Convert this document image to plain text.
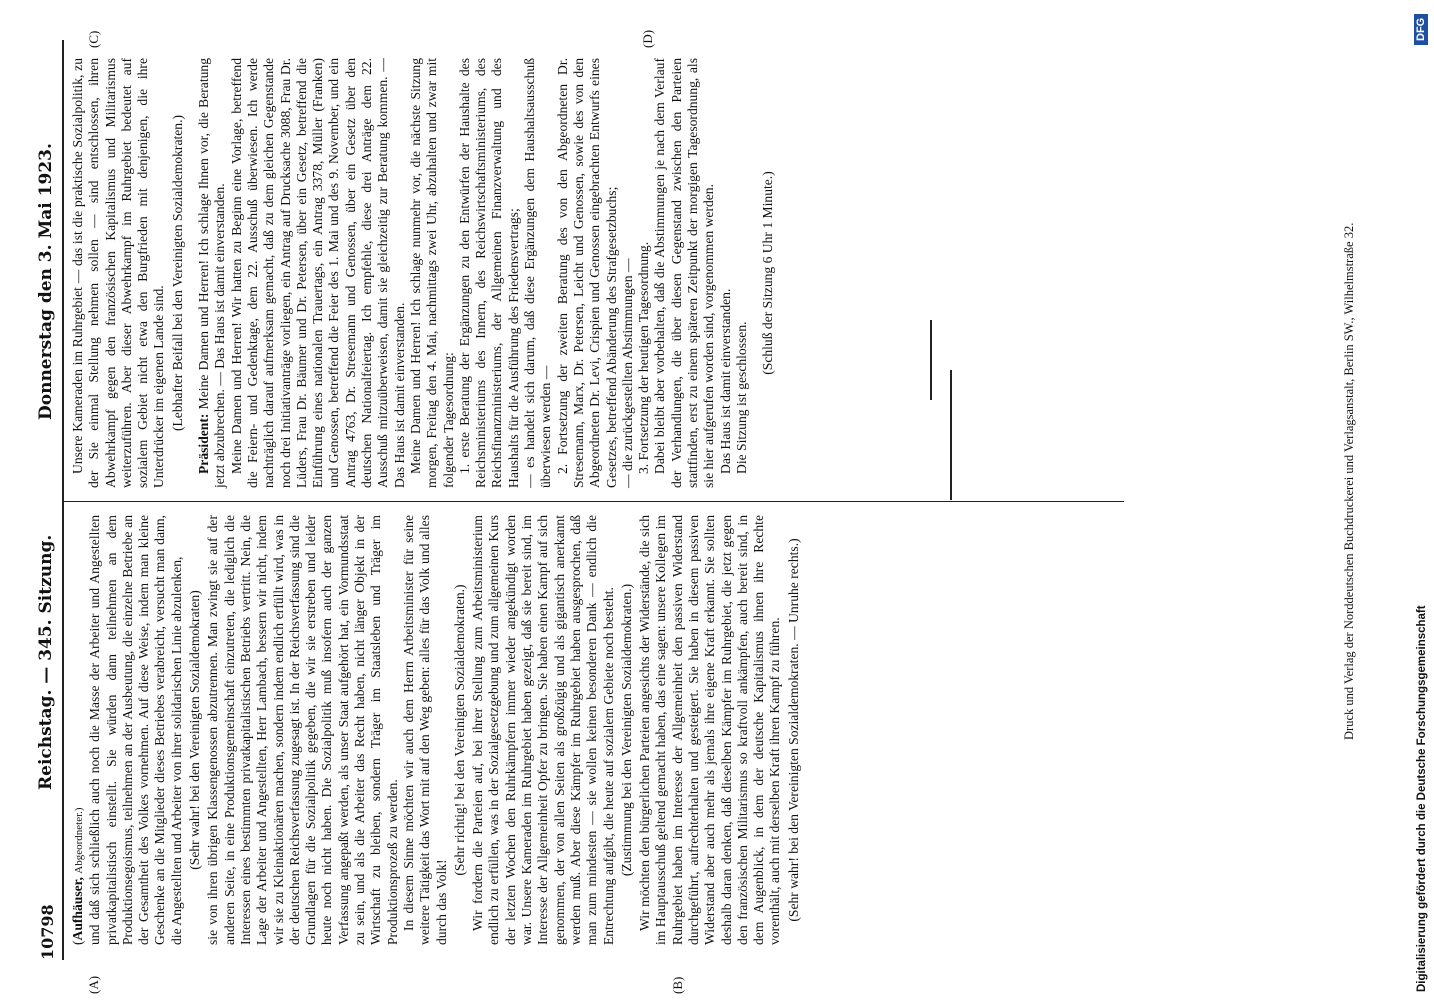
10798
Reichstag. — 345. Sitzung.
Donnerstag den 3. Mai 1923.
(A)	(B)
(C)	(D)

(Aufhäuser, Abgeordneter.) und daß sich schließlich auch noch die Masse der Arbeiter und Angestellten privatkapitalistisch einstellt. Sie würden dann teilnehmen an dem Produktionsegoismus, teilnehmen an der Ausbeutung, die einzelne Betriebe an der Gesamtheit des Volkes vornehmen. Auf diese Weise, indem man kleine Geschenke an die Mitglieder dieses Betriebes verabreicht, versucht man dann, die Angestellten und Arbeiter von ihrer solidarischen Linie abzulenken, (Sehr wahr! bei den Vereinigten Sozialdemokraten) sie von ihren übrigen Klassengenossen abzutrennen. Man zwingt sie auf der anderen Seite, in eine Produktionsgemeinschaft einzutreten, die lediglich die Interessen eines bestimmten privatkapitalistischen Betriebs vertritt. Nein, die Lage der Arbeiter und Angestellten, Herr Lambach, bessern wir nicht, indem wir sie zu Kleinaktionären machen, sondern indem endlich erfüllt wird, was in der deutschen Reichsverfassung zugesagt ist. In der Reichsverfassung sind die Grundlagen für die Sozialpolitik gegeben, die wir sie erstreben und leider heute noch nicht haben. Die Sozialpolitik muß insofern auch der ganzen Verfassung angepaßt werden, als unser Staat aufgehört hat, ein Vormundsstaat zu sein, und als die Arbeiter das Recht haben, nicht länger Objekt in der Wirtschaft zu bleiben, sondern Träger im Staatsleben und Träger im Produktionsprozeß zu werden. In diesem Sinne möchten wir auch dem Herrn Arbeitsminister für seine weitere Tätigkeit das Wort mit auf den Weg geben: alles für das Volk und alles durch das Volk!

(Sehr richtig! bei den Vereinigten Sozialdemokraten.) Wir fordern die Parteien auf, bei ihrer Stellung zum Arbeitsministerium endlich zu erfüllen, was in der Sozialgesetzgebung und zum allgemeinen Kurs der letzten Wochen den Ruhrkämpfern immer wieder angekündigt worden war. Unsere Kameraden im Ruhrgebiet haben gezeigt, daß sie bereit sind, im Interesse der Allgemeinheit Opfer zu bringen. Sie haben einen Kampf auf sich genommen, der von allen Seiten als großzügig und als gigantisch anerkannt werden muß. Aber diese Kämpfer im Ruhrgebiet haben ausgesprochen, daß man zum mindesten — sie wollen keinen besonderen Dank — endlich die Entrechtung aufgibt, die heute auf sozialem Gebiete noch besteht. (Zustimmung bei den Vereinigten Sozialdemokraten.) Wir möchten den bürgerlichen Parteien angesichts der Widerstände, die sich im Hauptausschuß geltend gemacht haben, das eine sagen: unsere Kollegen im Ruhrgebiet haben im Interesse der Allgemeinheit den passiven Widerstand durchgeführt, aufrechterhalten und gesteigert. Sie haben in diesem passiven Widerstand aber auch mehr als jemals ihre eigene Kraft erkannt. Sie sollten deshalb daran denken, daß dieselben Kämpfer im Ruhrgebiet, die jetzt gegen den französischen Militarismus so kraftvoll ankämpfen, auch bereit sind, in dem Augenblick, in dem der deutsche Kapitalismus ihnen ihre Rechte vorenthält, auch mit derselben Kraft ihren Kampf zu führen. (Sehr wahr! bei den Vereinigten Sozialdemokraten. — Unruhe rechts.)

Unsere Kameraden im Ruhrgebiet — das ist die praktische Sozialpolitik, zu der Sie einmal Stellung nehmen sollen — sind entschlossen, ihren Abwehrkampf gegen den französischen Kapitalismus und Militarismus weiterzuführen. Aber dieser Abwehrkampf im Ruhrgebiet bedeutet auf sozialem Gebiet nicht etwa den Burgfrieden mit denjenigen, die ihre Unterdrücker im eigenen Lande sind. (Lebhafter Beifall bei den Vereinigten Sozialdemokraten.)

Präsident: Meine Damen und Herren! Ich schlage Ihnen vor, die Beratung jetzt abzubrechen. — Das Haus ist damit einverstanden. Meine Damen und Herren! Wir hatten zu Beginn eine Vorlage, betreffend die Feiern- und Gedenktage, dem 22. Ausschuß überwiesen. Ich werde nachträglich darauf aufmerksam gemacht, daß zu dem gleichen Gegenstande noch drei Initiativanträge vorliegen, ein Antrag auf Drucksache 3088, Frau Dr. Lüders, Frau Dr. Bäumer und Dr. Petersen, über ein Gesetz, betreffend die Einführung eines nationalen Trauertags, ein Antrag 3378, Müller (Franken) und Genossen, betreffend die Feier des 1. Mai und des 9. November, und ein Antrag 4763, Dr. Stresemann und Genossen, über ein Gesetz über den deutschen Nationalfeiertag. Ich empfehle, diese drei Anträge dem 22. Ausschuß mitzuüberweisen, damit sie gleichzeitig zur Beratung kommen. — Das Haus ist damit einverstanden. Meine Damen und Herren! Ich schlage nunmehr vor, die nächste Sitzung morgen, Freitag den 4. Mai, nachmittags zwei Uhr, abzuhalten und zwar mit folgender Tagesordnung: 1. erste Beratung der Ergänzungen zu den Entwürfen der Haushalte des Reichsministeriums des Innern, des Reichswirtschaftsministeriums, des Reichsfinanzministeriums, der Allgemeinen Finanzverwaltung und des Haushalts für die Ausführung des Friedensvertrags; — es handelt sich darum, daß diese Ergänzungen dem Haushaltsausschuß überwiesen werden — 2. Fortsetzung der zweiten Beratung des von den Abgeordneten Dr. Stresemann, Marx, Dr. Petersen, Leicht und Genossen, sowie des von den Abgeordneten Dr. Levi, Crispien und Genossen eingebrachten Entwurfs eines Gesetzes, betreffend Abänderung des Strafgesetzbuchs; — die zurückgestellten Abstimmungen — 3. Fortsetzung der heutigen Tagesordnung. Dabei bleibt aber vorbehalten, daß die Abstimmungen je nach dem Verlauf der Verhandlungen, die über diesen Gegenstand zwischen den Parteien stattfinden, erst zu einem späteren Zeitpunkt der morgigen Tagesordnung, als sie hier aufgerufen worden sind, vorgenommen werden. Das Haus ist damit einverstanden. Die Sitzung ist geschlossen.

(Schluß der Sitzung 6 Uhr 1 Minute.)	Druck und Verlag der Norddeutschen Buchdruckerei und Verlagsanstalt, Berlin SW., Wilhelmstraße 32.
Digitalisierung gefördert durch die Deutsche Forschungsgemeinschaft
DFG
